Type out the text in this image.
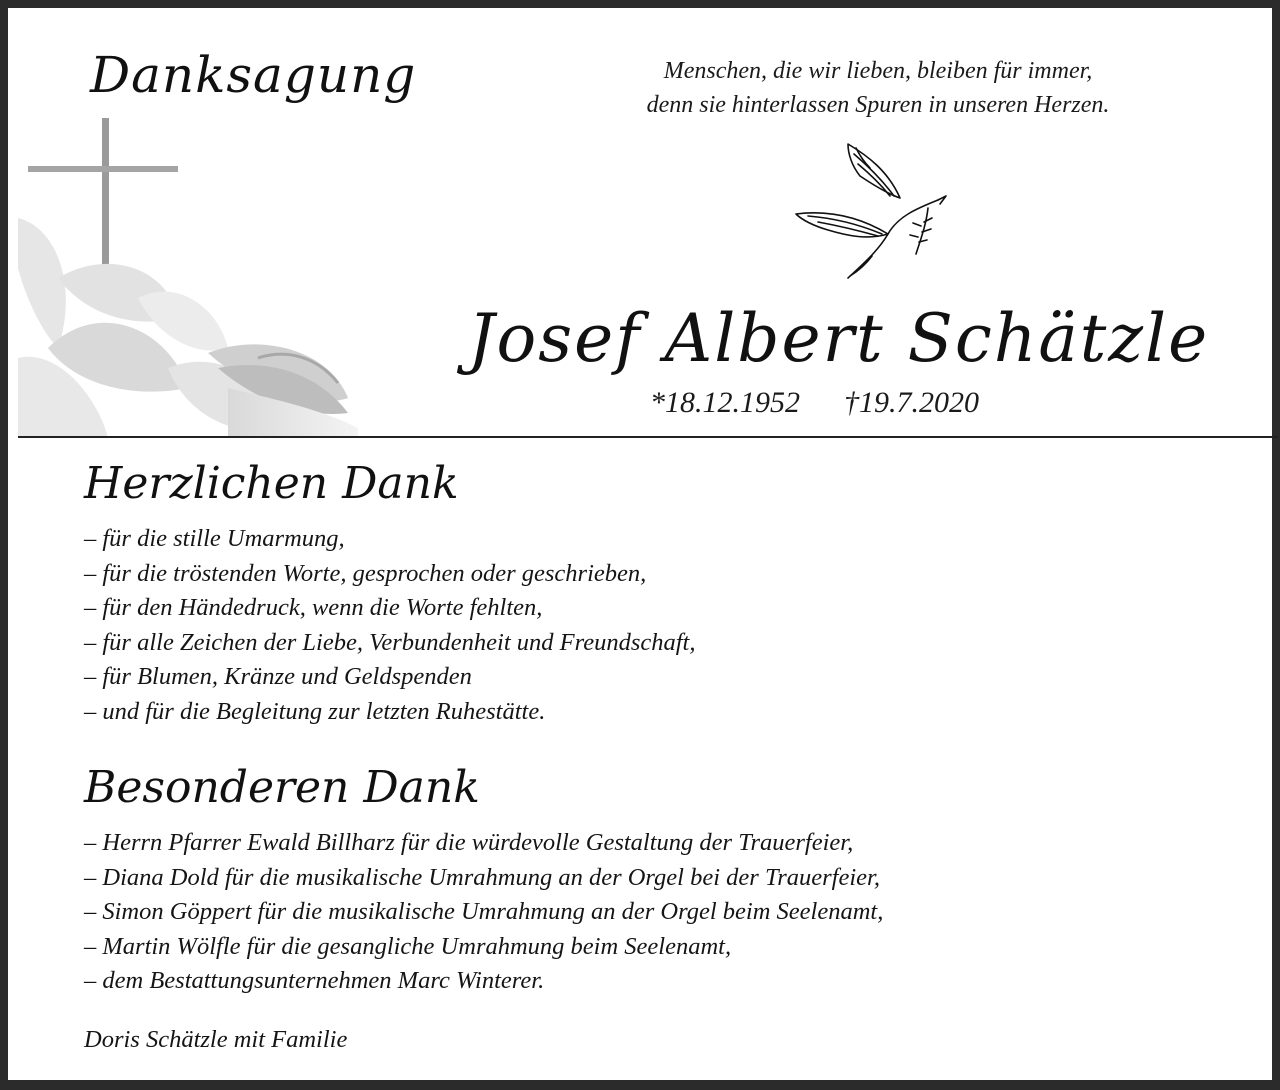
Danksagung	Menschen, die wir lieben, bleiben für immer,
denn sie hinterlassen Spuren in unseren Herzen.
Josef Albert Schätzle
*18.12.1952 †19.7.2020
Herzlichen Dank
– für die stille Umarmung,
– für die tröstenden Worte, gesprochen oder geschrieben,
– für den Händedruck, wenn die Worte fehlten,
– für alle Zeichen der Liebe, Verbundenheit und Freundschaft,
– für Blumen, Kränze und Geldspenden
– und für die Begleitung zur letzten Ruhestätte.
Besonderen Dank
– Herrn Pfarrer Ewald Billharz für die würdevolle Gestaltung der Trauerfeier,
– Diana Dold für die musikalische Umrahmung an der Orgel bei der Trauerfeier,
– Simon Göppert für die musikalische Umrahmung an der Orgel beim Seelenamt,
– Martin Wölfle für die gesangliche Umrahmung beim Seelenamt,
– dem Bestattungsunternehmen Marc Winterer.
Doris Schätzle mit Familie
